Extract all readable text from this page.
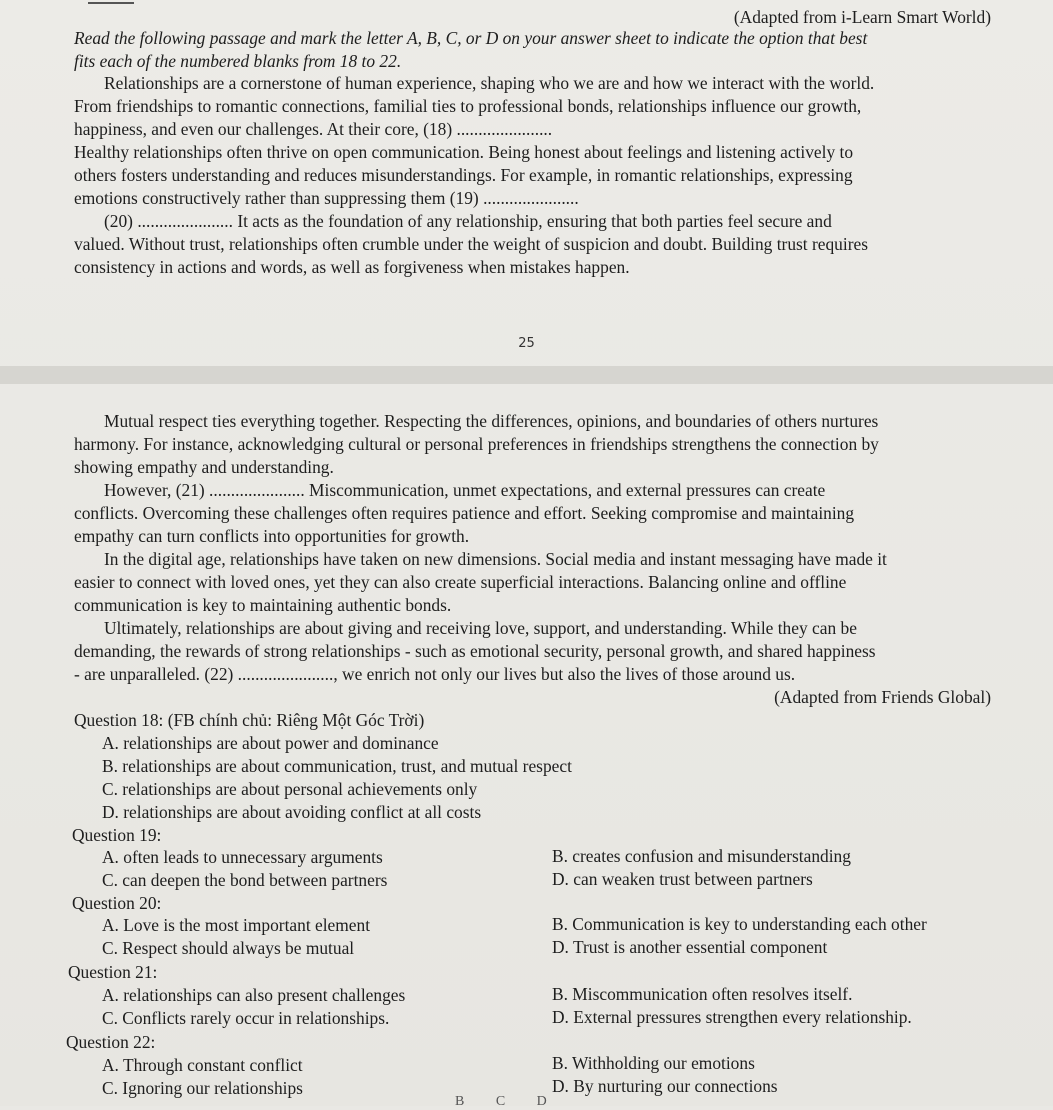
(Adapted from i-Learn Smart World)
Read the following passage and mark the letter A, B, C, or D on your answer sheet to indicate the option that best
fits each of the numbered blanks from 18 to 22.
Relationships are a cornerstone of human experience, shaping who we are and how we interact with the world.
From friendships to romantic connections, familial ties to professional bonds, relationships influence our growth,
happiness, and even our challenges. At their core, (18) ......................
Healthy relationships often thrive on open communication. Being honest about feelings and listening actively to
others fosters understanding and reduces misunderstandings. For example, in romantic relationships, expressing
emotions constructively rather than suppressing them (19) ......................
(20) ...................... It acts as the foundation of any relationship, ensuring that both parties feel secure and
valued. Without trust, relationships often crumble under the weight of suspicion and doubt. Building trust requires
consistency in actions and words, as well as forgiveness when mistakes happen.
25
Mutual respect ties everything together. Respecting the differences, opinions, and boundaries of others nurtures
harmony. For instance, acknowledging cultural or personal preferences in friendships strengthens the connection by
showing empathy and understanding.
However, (21) ...................... Miscommunication, unmet expectations, and external pressures can create
conflicts. Overcoming these challenges often requires patience and effort. Seeking compromise and maintaining
empathy can turn conflicts into opportunities for growth.
In the digital age, relationships have taken on new dimensions. Social media and instant messaging have made it
easier to connect with loved ones, yet they can also create superficial interactions. Balancing online and offline
communication is key to maintaining authentic bonds.
Ultimately, relationships are about giving and receiving love, support, and understanding. While they can be
demanding, the rewards of strong relationships - such as emotional security, personal growth, and shared happiness
- are unparalleled. (22) ......................, we enrich not only our lives but also the lives of those around us.
(Adapted from Friends Global)
Question 18: (FB chính chủ: Riêng Một Góc Trời)
A. relationships are about power and dominance
B. relationships are about communication, trust, and mutual respect
C. relationships are about personal achievements only
D. relationships are about avoiding conflict at all costs
Question 19:
A. often leads to unnecessary arguments	B. creates confusion and misunderstanding
C. can deepen the bond between partners	D. can weaken trust between partners
Question 20:
A. Love is the most important element	B. Communication is key to understanding each other
C. Respect should always be mutual	D. Trust is another essential component
Question 21:
A. relationships can also present challenges	B. Miscommunication often resolves itself.
C. Conflicts rarely occur in relationships.	D. External pressures strengthen every relationship.
Question 22:
A. Through constant conflict	B. Withholding our emotions
C. Ignoring our relationships	D. By nurturing our connections
B C D
